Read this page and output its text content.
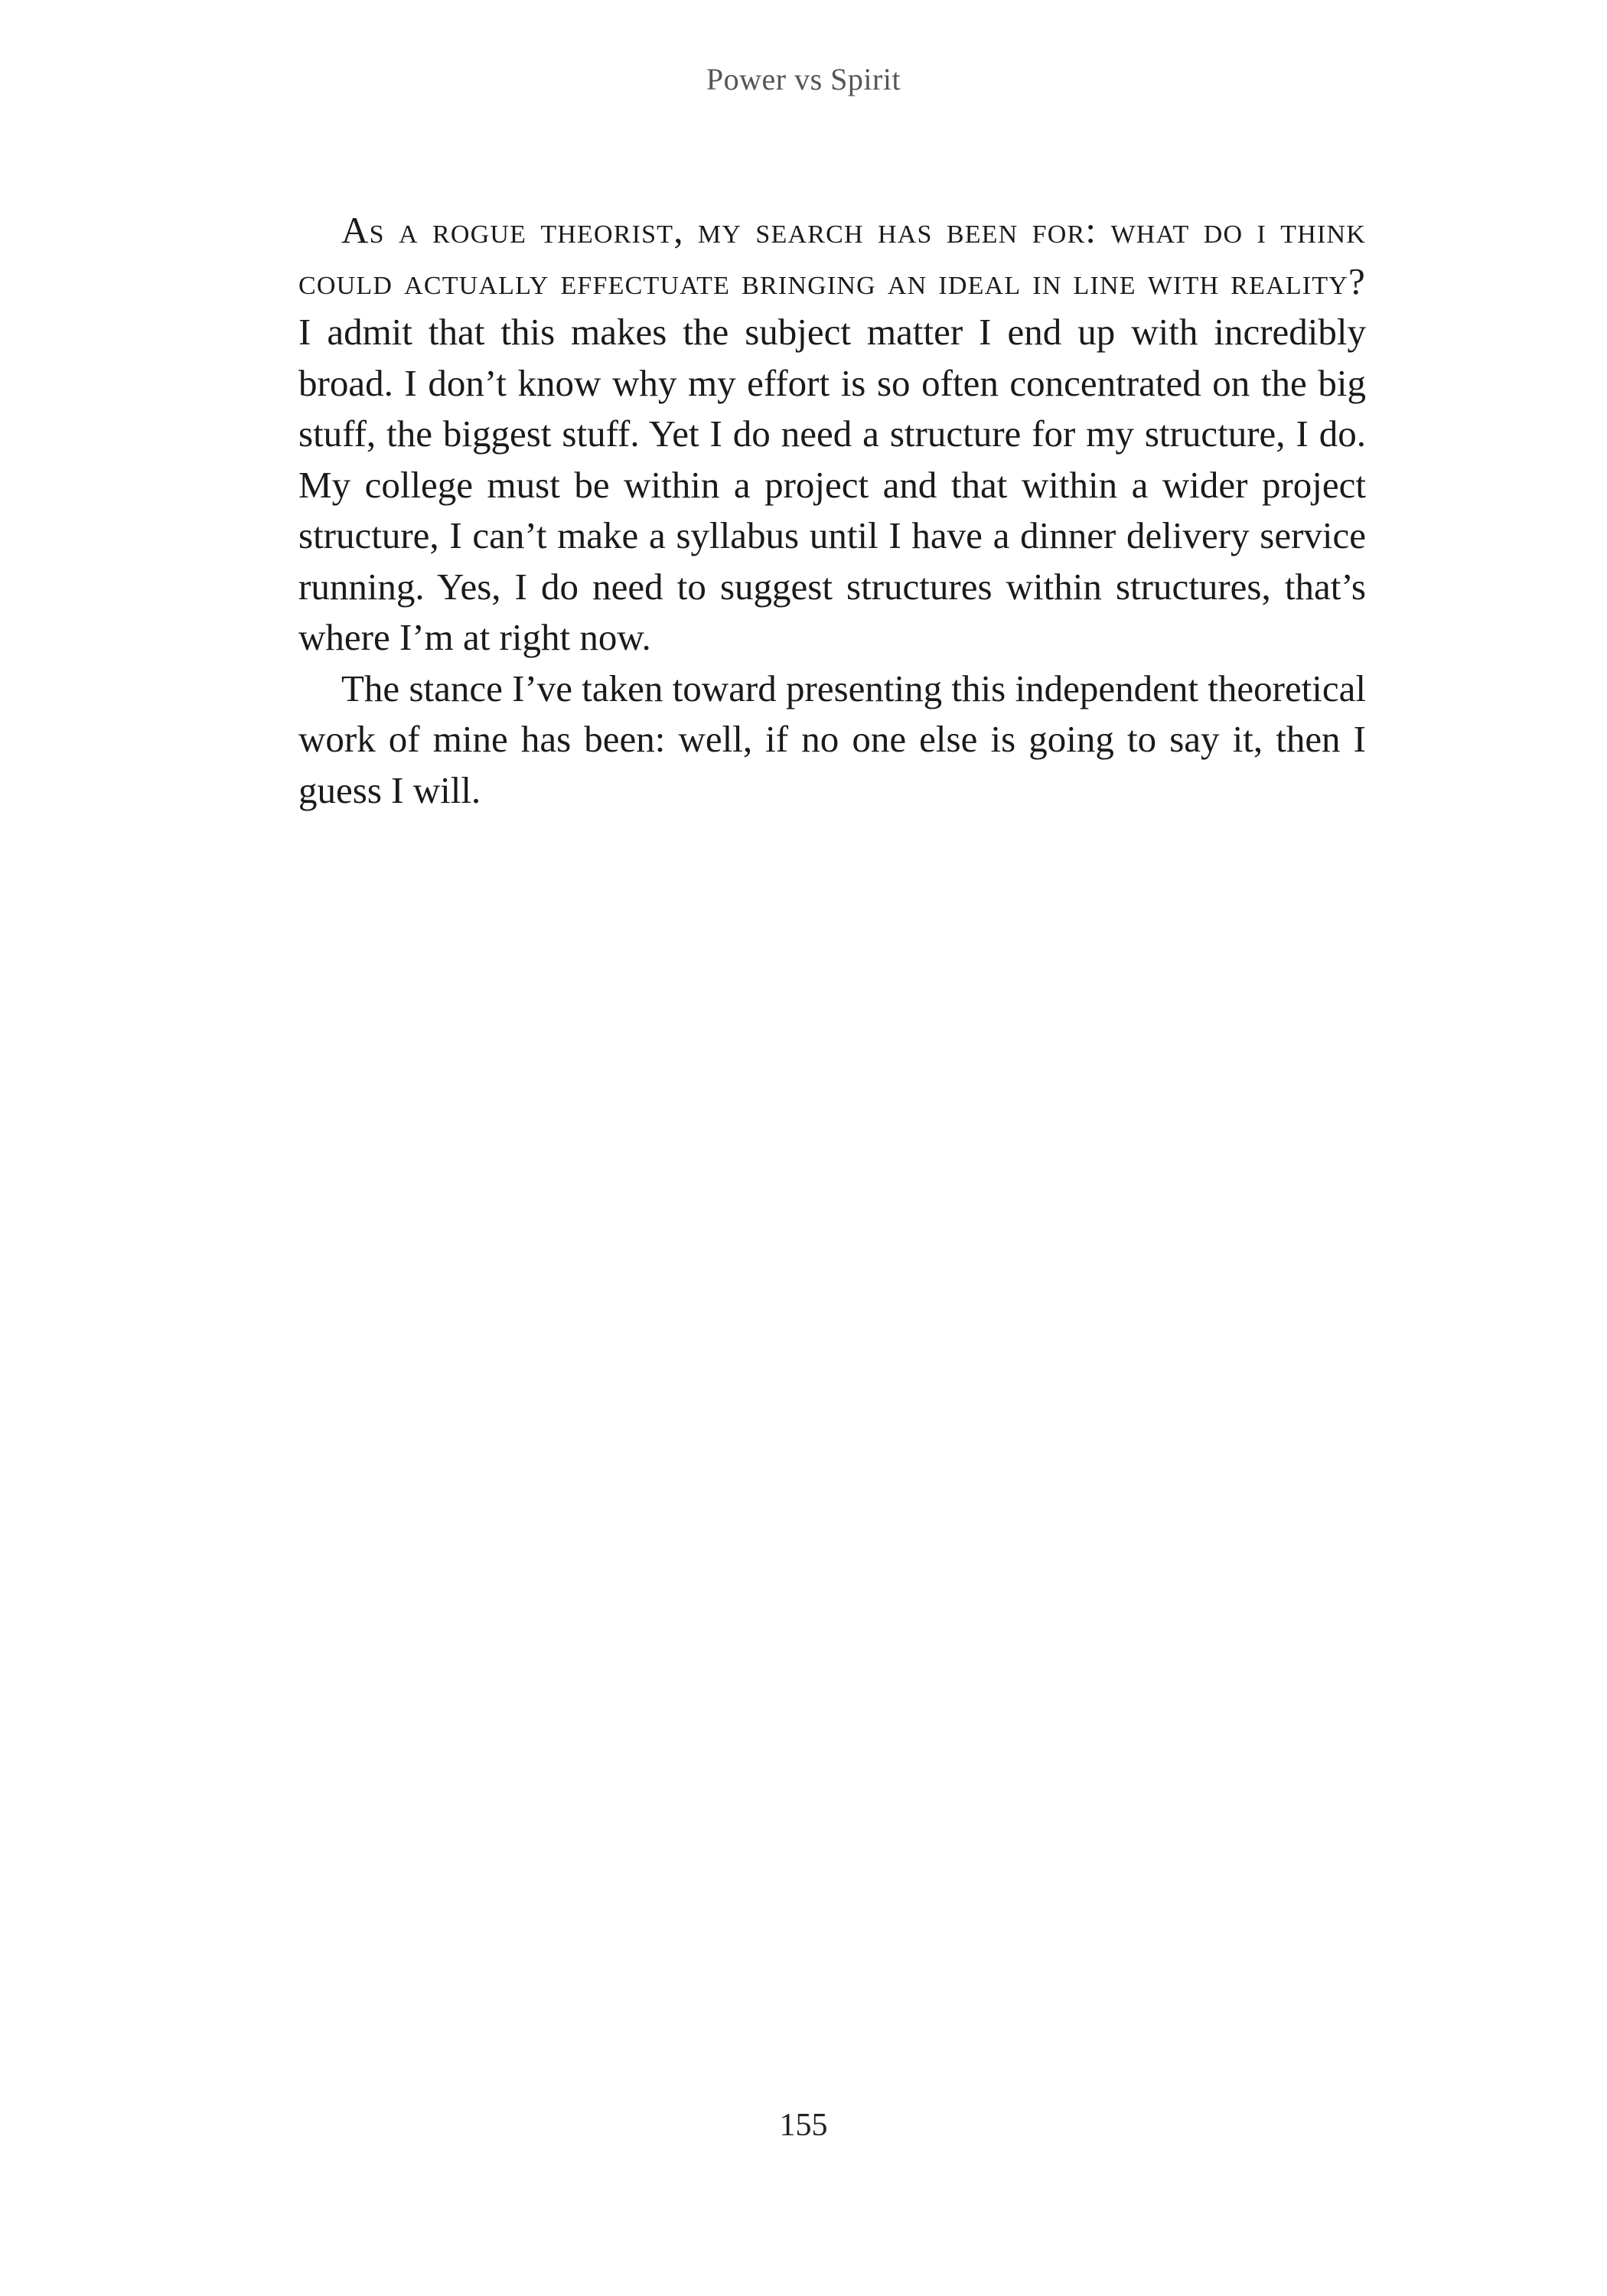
Power vs Spirit

As a rogue theorist, my search has been for: what do i think could actually effectuate bringing an ideal in line with reality? I admit that this makes the subject matter I end up with incredibly broad. I don’t know why my effort is so often concentrated on the big stuff, the biggest stuff. Yet I do need a structure for my structure, I do. My college must be within a project and that within a wider project structure, I can’t make a syllabus until I have a dinner delivery service running. Yes, I do need to suggest structures within structures, that’s where I’m at right now.

The stance I’ve taken toward presenting this independent theoretical work of mine has been: well, if no one else is going to say it, then I guess I will.

155
